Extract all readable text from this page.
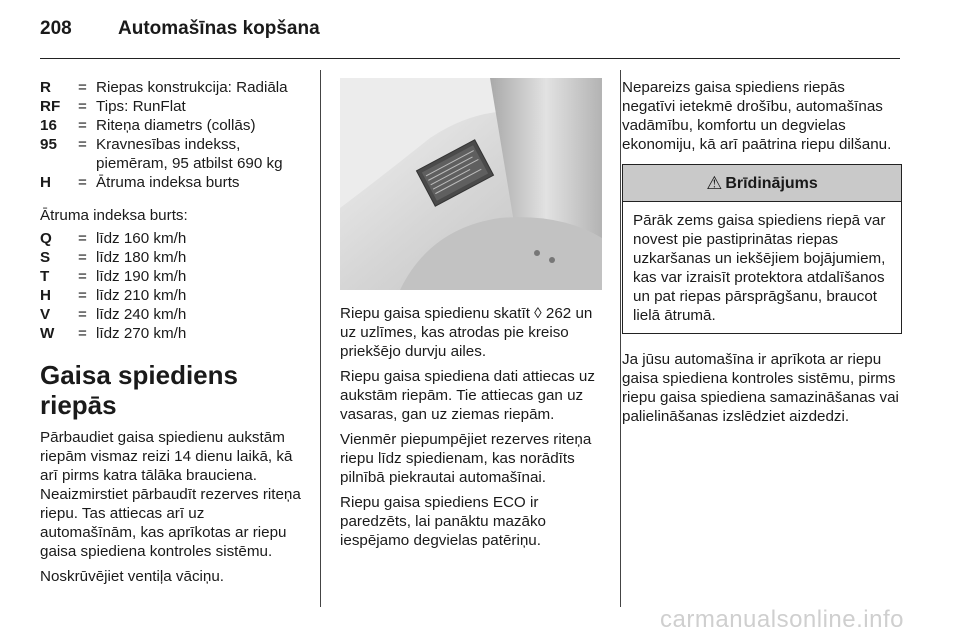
208 Automašīnas kopšana
R	= Riepas konstrukcija: Radiāla
RF	= Tips: RunFlat
16	= Riteņa diametrs (collās)
95	= Kravnesības indekss, piemēram, 95 atbilst 690 kg
H	= Ātruma indeksa burts

Ātruma indeksa burts:

Q	= līdz 160 km/h
S	= līdz 180 km/h
T	= līdz 190 km/h
H	= līdz 210 km/h
V	= līdz 240 km/h
W	= līdz 270 km/h
Gaisa spiediens riepās

Pārbaudiet gaisa spiedienu aukstām riepām vismaz reizi 14 dienu laikā, kā arī pirms katra tālāka brauciena. Neaizmirstiet pārbaudīt rezerves riteņa riepu. Tas attiecas arī uz automašīnām, kas aprīkotas ar riepu gaisa spiediena kontroles sistēmu.

Noskrūvējiet ventiļa vāciņu.

Riepu gaisa spiedienu skatīt ◊ 262 un uz uzlīmes, kas atrodas pie kreiso priekšējo durvju ailes.

Riepu gaisa spiediena dati attiecas uz aukstām riepām. Tie attiecas gan uz vasaras, gan uz ziemas riepām.

Vienmēr piepumpējiet rezerves riteņa riepu līdz spiedienam, kas norādīts pilnībā piekrautai automašīnai.

Riepu gaisa spiediens ECO ir paredzēts, lai panāktu mazāko iespējamo degvielas patēriņu.

Nepareizs gaisa spiediens riepās negatīvi ietekmē drošību, automašīnas vadāmību, komfortu un degvielas ekonomiju, kā arī paātrina riepu dilšanu.

⚠ Brīdinājums
Pārāk zems gaisa spiediens riepā var novest pie pastiprinātas riepas uzkaršanas un iekšējiem bojājumiem, kas var izraisīt protektora atdalīšanos un pat riepas pārsprāgšanu, braucot lielā ātrumā.

Ja jūsu automašīna ir aprīkota ar riepu gaisa spiediena kontroles sistēmu, pirms riepu gaisa spiediena samazināšanas vai palielināšanas izslēdziet aizdedzi.

carmanualsonline.info
